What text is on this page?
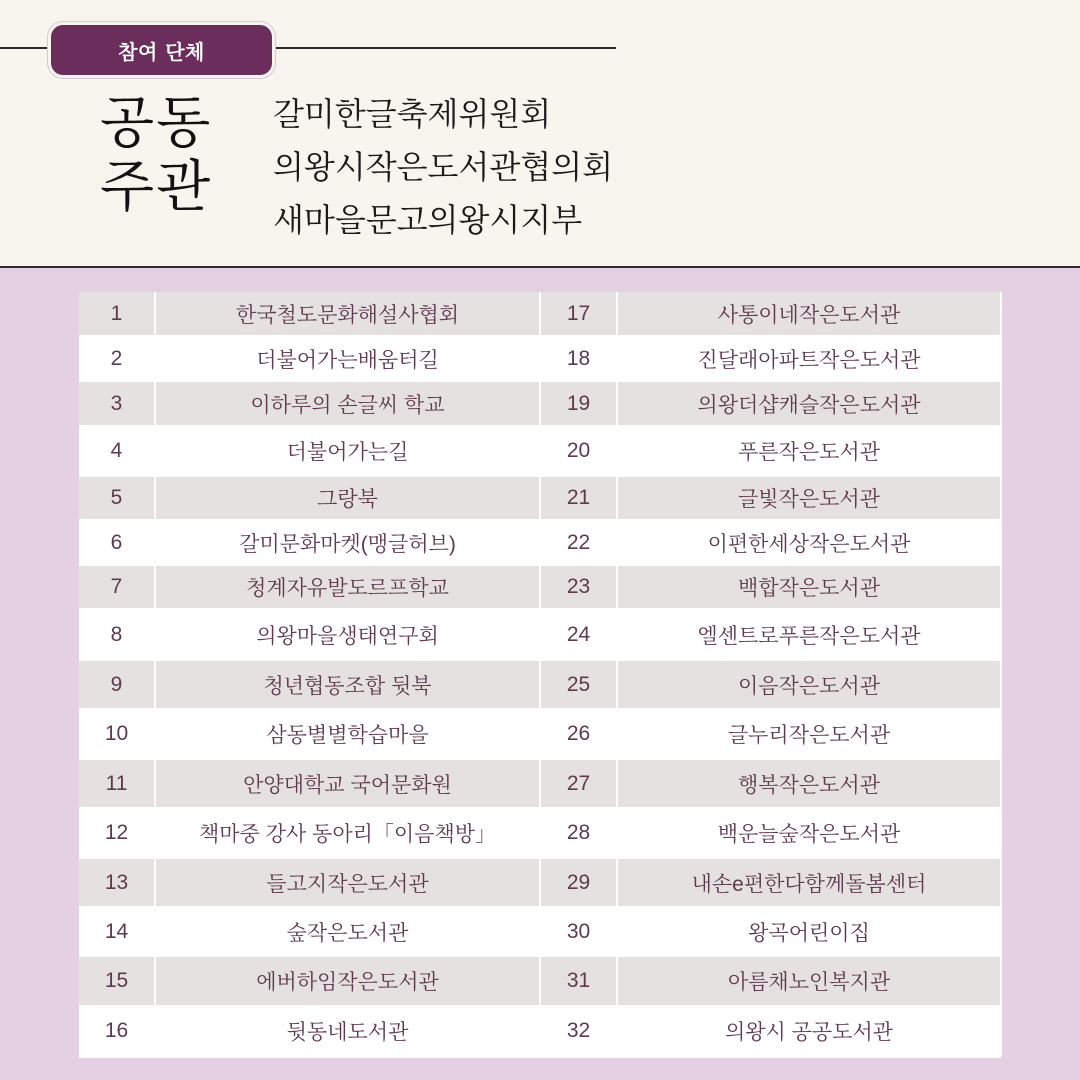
참여 단체
공동
주관
갈미한글축제위원회
의왕시작은도서관협의회
새마을문고의왕시지부
1	한국철도문화해설사협회	17	사통이네작은도서관
2	더불어가는배움터길	18	진달래아파트작은도서관
3	이하루의 손글씨 학교	19	의왕더샵캐슬작은도서관
4	더불어가는길	20	푸른작은도서관
5	그랑북	21	글빛작은도서관
6	갈미문화마켓(맹글허브)	22	이편한세상작은도서관
7	청계자유발도르프학교	23	백합작은도서관
8	의왕마을생태연구회	24	엘센트로푸른작은도서관
9	청년협동조합 뒷북	25	이음작은도서관
10	삼동별별학습마을	26	글누리작은도서관
11	안양대학교 국어문화원	27	행복작은도서관
12	책마중 강사 동아리「이음책방」	28	백운늘숲작은도서관
13	들고지작은도서관	29	내손e편한다함께돌봄센터
14	숲작은도서관	30	왕곡어린이집
15	에버하임작은도서관	31	아름채노인복지관
16	뒷동네도서관	32	의왕시 공공도서관
